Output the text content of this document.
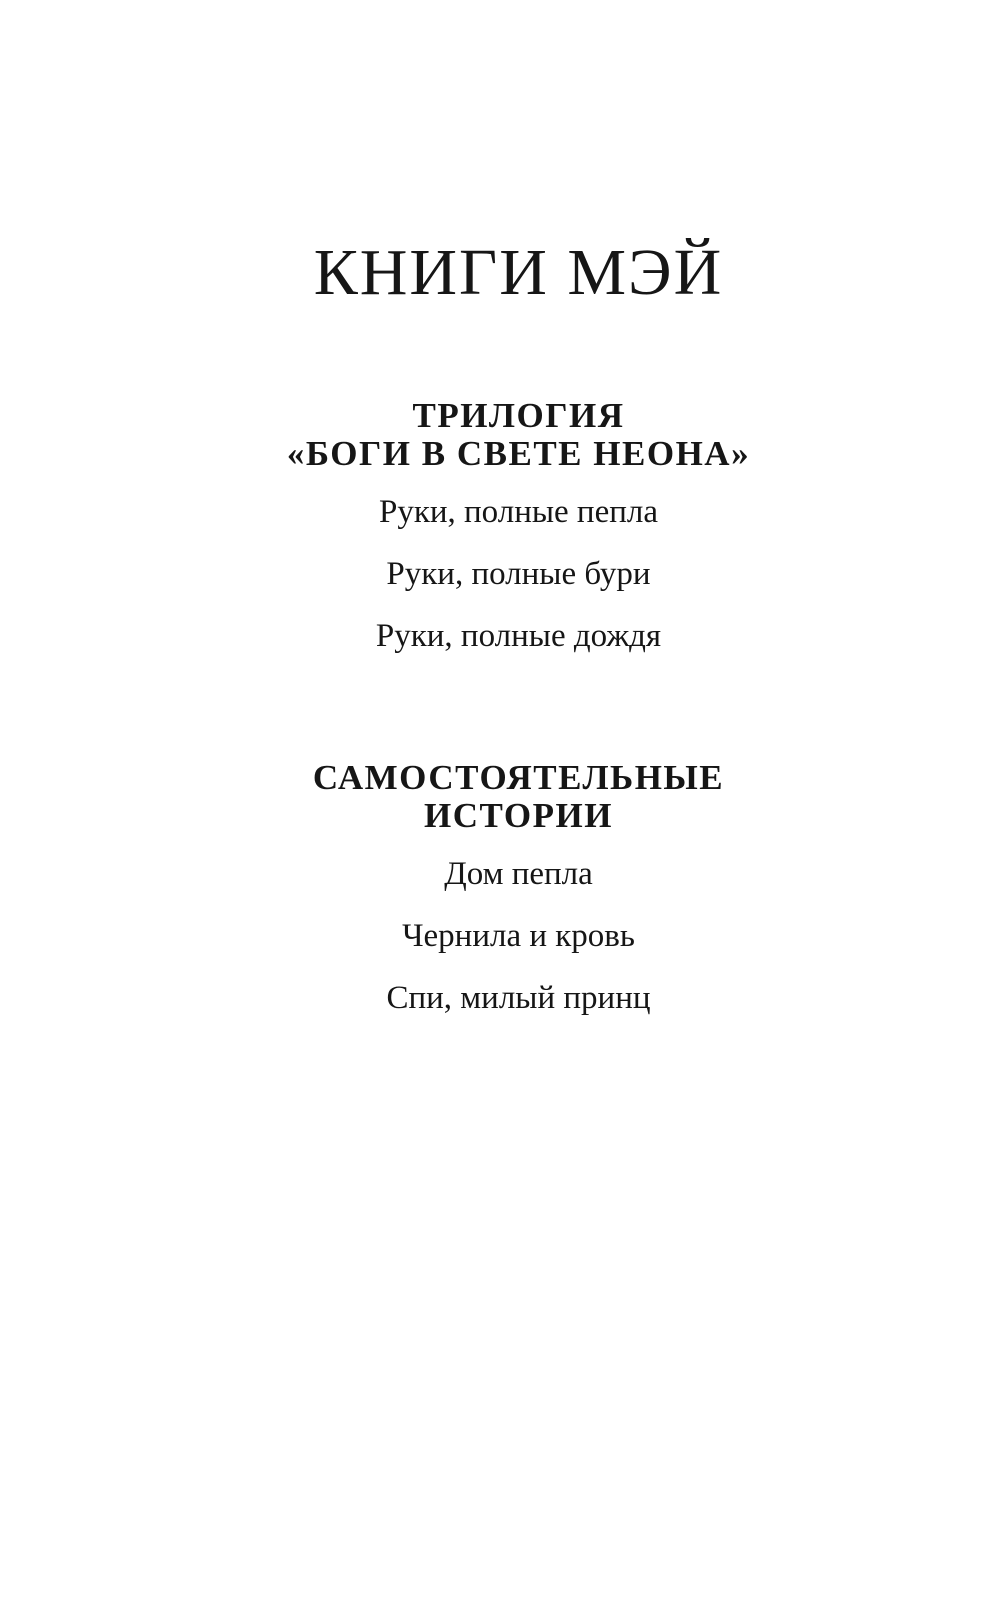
КНИГИ МЭЙ
ТРИЛОГИЯ
«БОГИ В СВЕТЕ НЕОНА»

Руки, полные пепла

Руки, полные бури

Руки, полные дождя

САМОСТОЯТЕЛЬНЫЕ
ИСТОРИИ

Дом пепла

Чернила и кровь

Спи, милый принц
